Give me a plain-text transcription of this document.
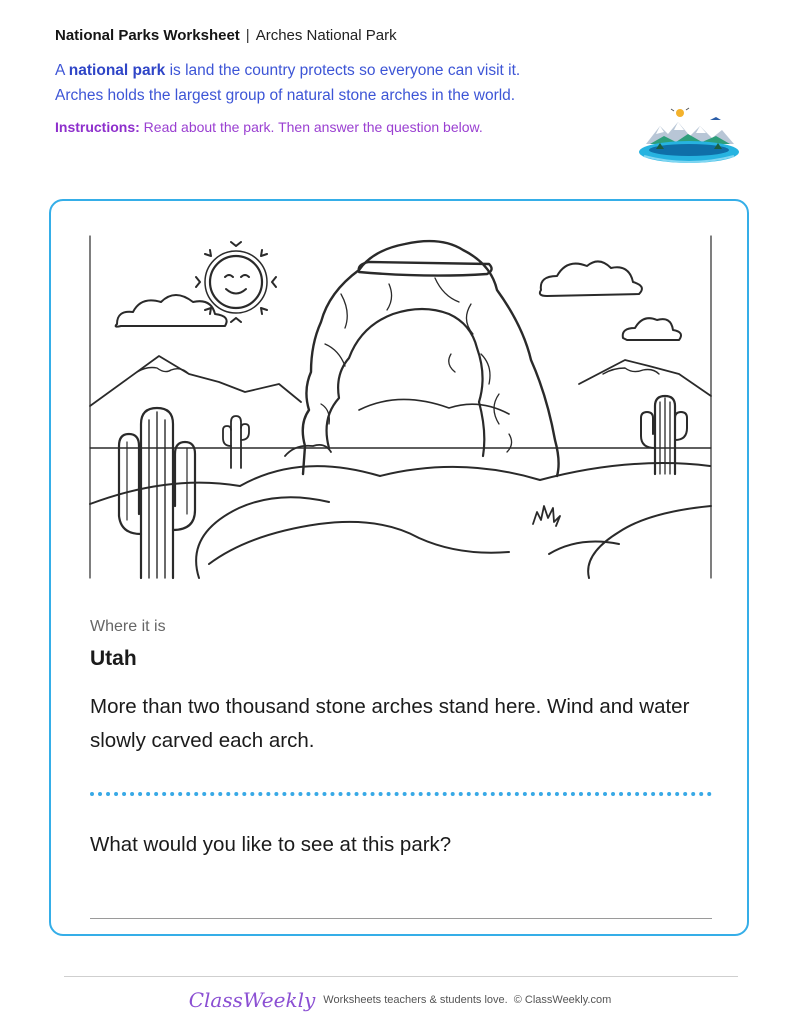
National Parks Worksheet | Arches National Park
A national park is land the country protects so everyone can visit it.
Arches holds the largest group of natural stone arches in the world.
Instructions: Read about the park. Then answer the question below.
Where it is
Utah
More than two thousand stone arches stand here. Wind and water slowly carved each arch.
What would you like to see at this park?
ClassWeekly Worksheets teachers & students love. © ClassWeekly.com
